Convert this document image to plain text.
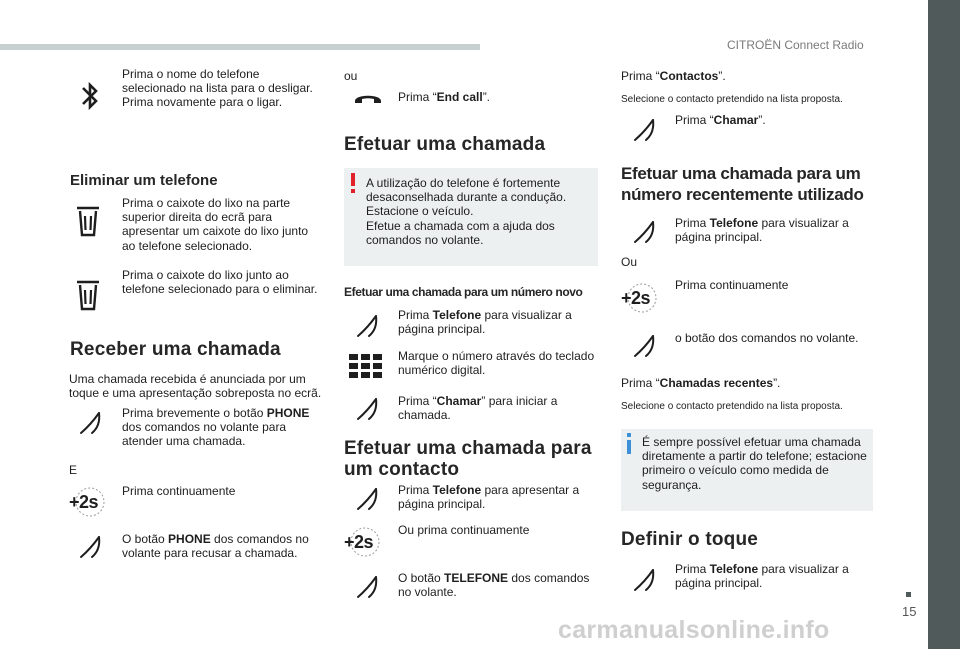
CITROËN Connect Radio
15
carmanualsonline.info
Prima o nome do telefone
selecionado na lista para o desligar.
Prima novamente para o ligar.
Eliminar um telefone
Prima o caixote do lixo na parte
superior direita do ecrã para
apresentar um caixote do lixo junto
ao telefone selecionado.
Prima o caixote do lixo junto ao
telefone selecionado para o eliminar.
Receber uma chamada
Uma chamada recebida é anunciada por um
toque e uma apresentação sobreposta no ecrã.
Prima brevemente o botão PHONE
dos comandos no volante para
atender uma chamada.
E
+2s
Prima continuamente
O botão PHONE dos comandos no
volante para recusar a chamada.
ou
Prima “End call”.
Efetuar uma chamada
A utilização do telefone é fortemente
desaconselhada durante a condução.
Estacione o veículo.
Efetue a chamada com a ajuda dos
comandos no volante.
Efetuar uma chamada para um número novo
Prima Telefone para visualizar a
página principal.
Marque o número através do teclado
numérico digital.
Prima “Chamar” para iniciar a
chamada.
Efetuar uma chamada para
um contacto
Prima Telefone para apresentar a
página principal.
+2s
Ou prima continuamente
O botão TELEFONE dos comandos
no volante.
Prima “Contactos”.
Selecione o contacto pretendido na lista proposta.
Prima “Chamar”.
Efetuar uma chamada para um
número recentemente utilizado
Prima Telefone para visualizar a
página principal.
Ou
+2s
Prima continuamente
o botão dos comandos no volante.
Prima “Chamadas recentes”.
Selecione o contacto pretendido na lista proposta.
É sempre possível efetuar uma chamada
diretamente a partir do telefone; estacione
primeiro o veículo como medida de
segurança.
Definir o toque
Prima Telefone para visualizar a
página principal.
